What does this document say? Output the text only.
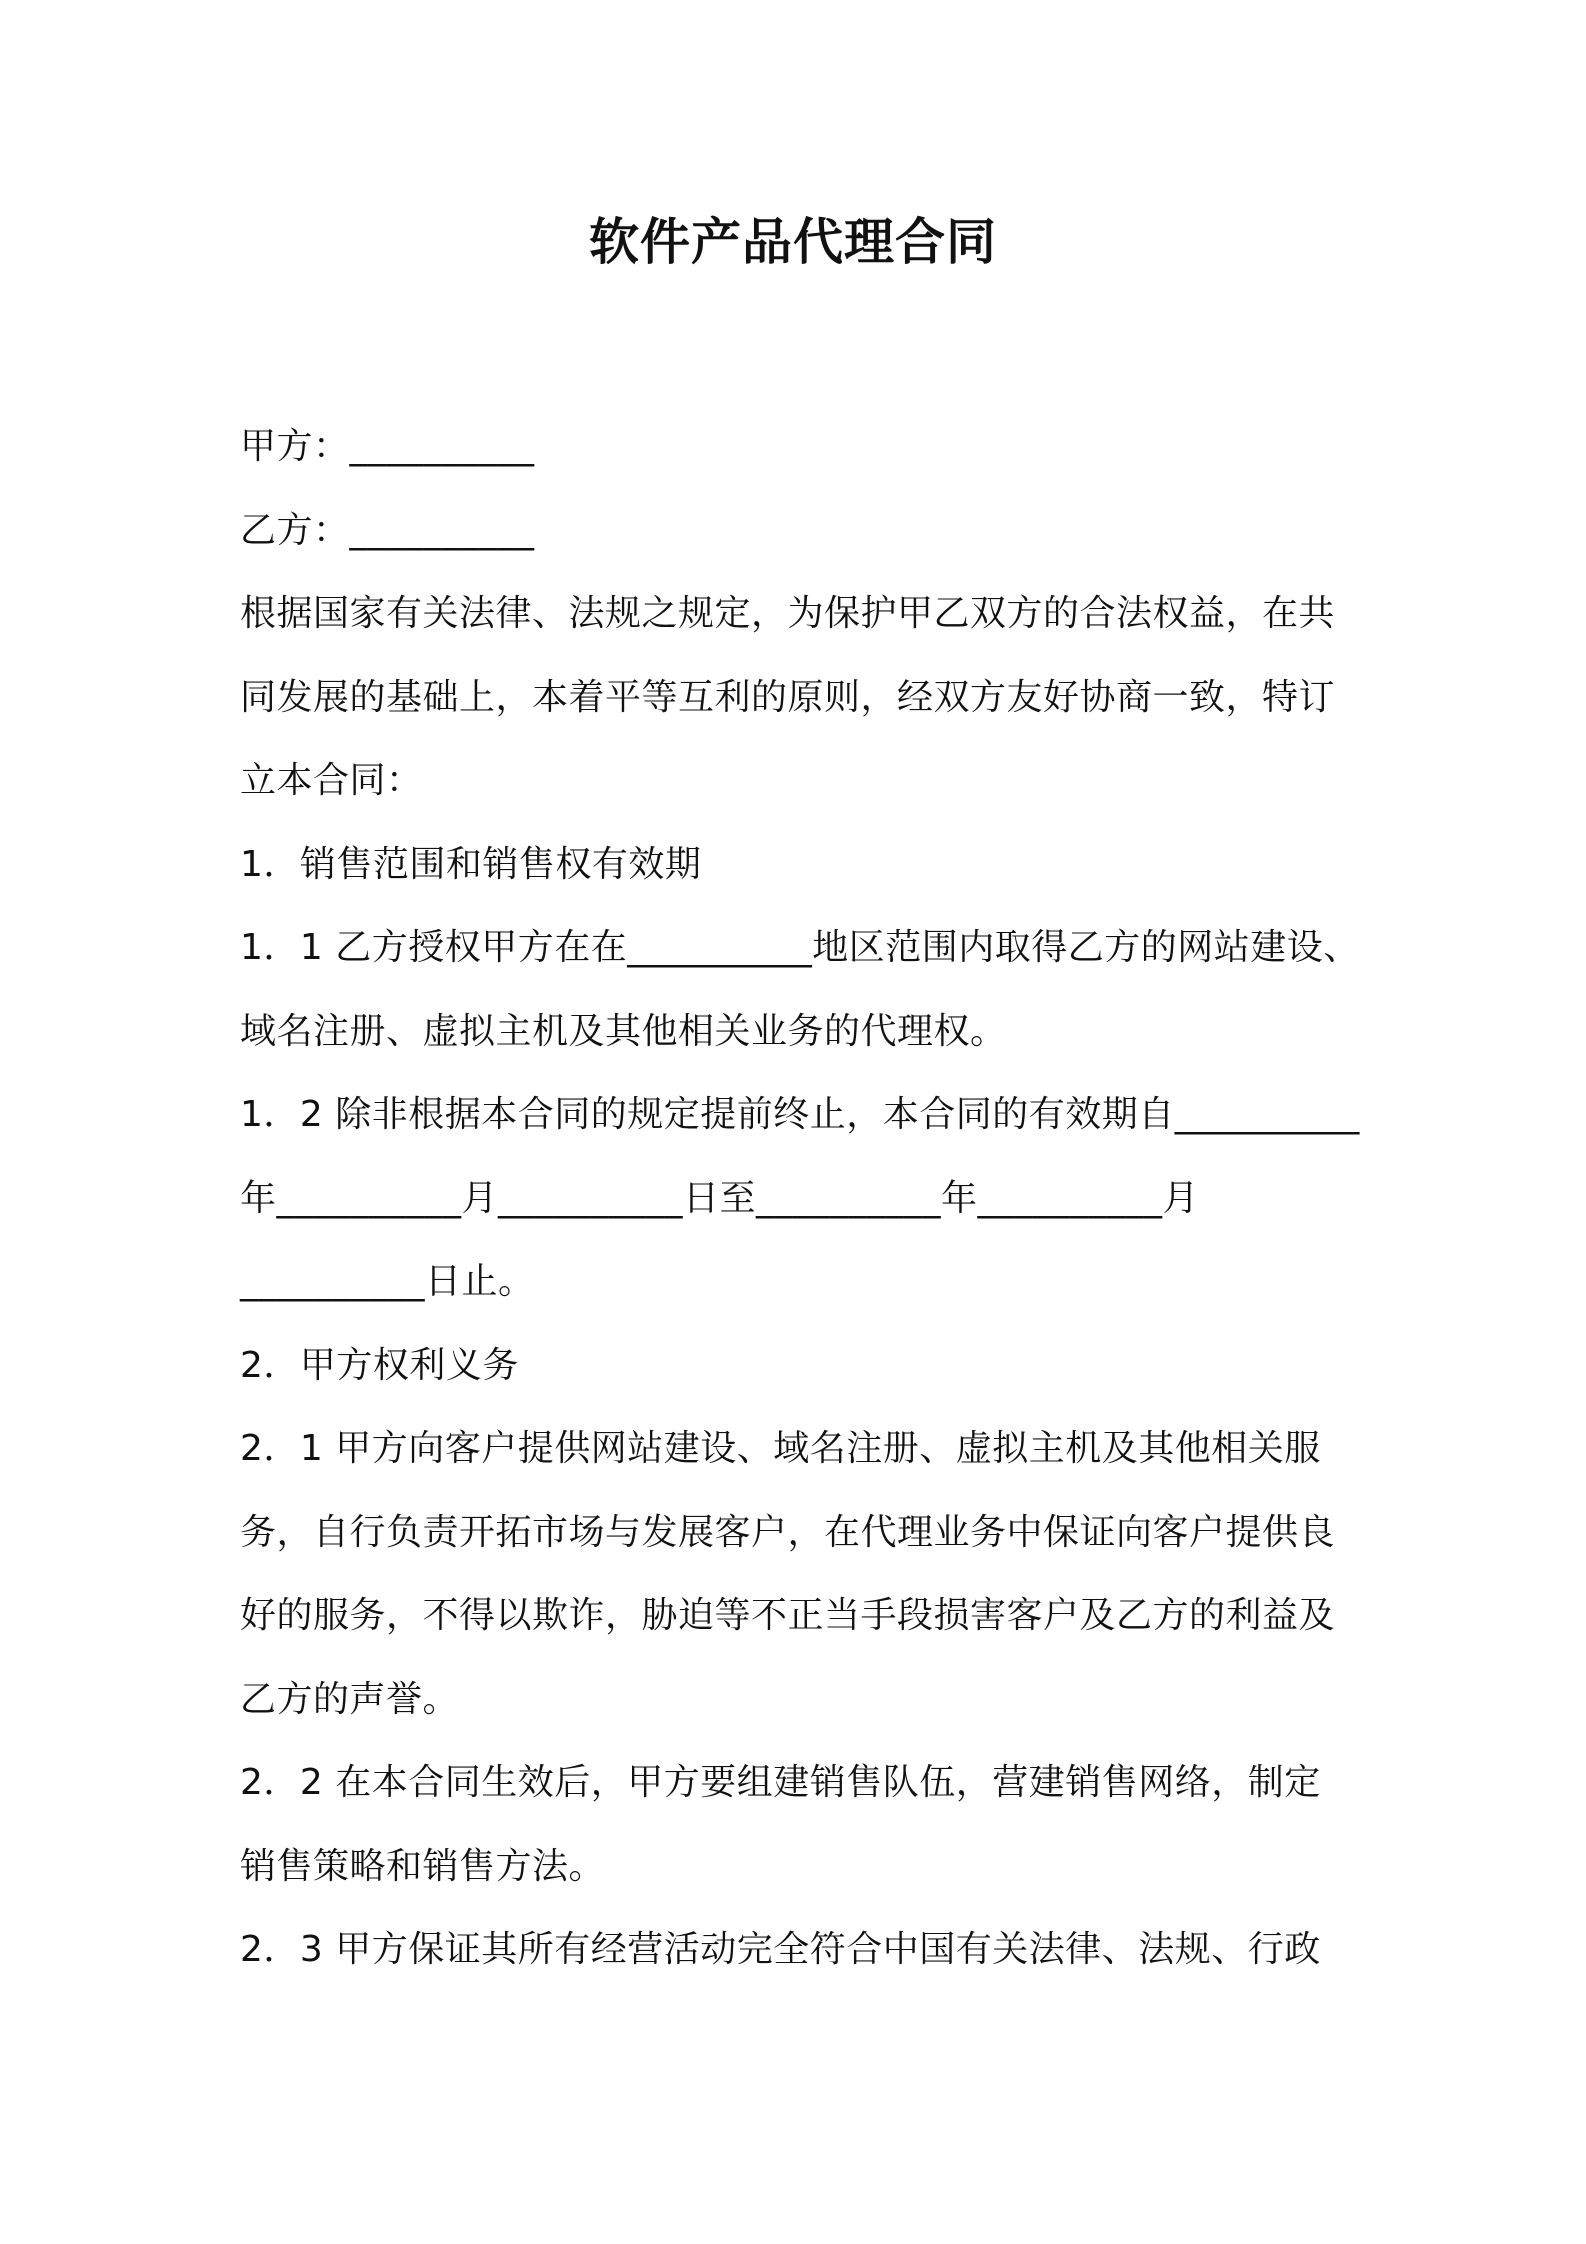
软件产品代理合同
甲方：__________
乙方：__________
根据国家有关法律、法规之规定，为保护甲乙双方的合法权益，在共
同发展的基础上，本着平等互利的原则，经双方友好协商一致，特订
立本合同：
1．销售范围和销售权有效期
1．1 乙方授权甲方在在__________地区范围内取得乙方的网站建设、
域名注册、虚拟主机及其他相关业务的代理权。
1．2 除非根据本合同的规定提前终止，本合同的有效期自__________
年__________月__________日至__________年__________月
__________日止。
2．甲方权利义务
2．1 甲方向客户提供网站建设、域名注册、虚拟主机及其他相关服
务，自行负责开拓市场与发展客户，在代理业务中保证向客户提供良
好的服务，不得以欺诈，胁迫等不正当手段损害客户及乙方的利益及
乙方的声誉。
2．2 在本合同生效后，甲方要组建销售队伍，营建销售网络，制定
销售策略和销售方法。
2．3 甲方保证其所有经营活动完全符合中国有关法律、法规、行政
